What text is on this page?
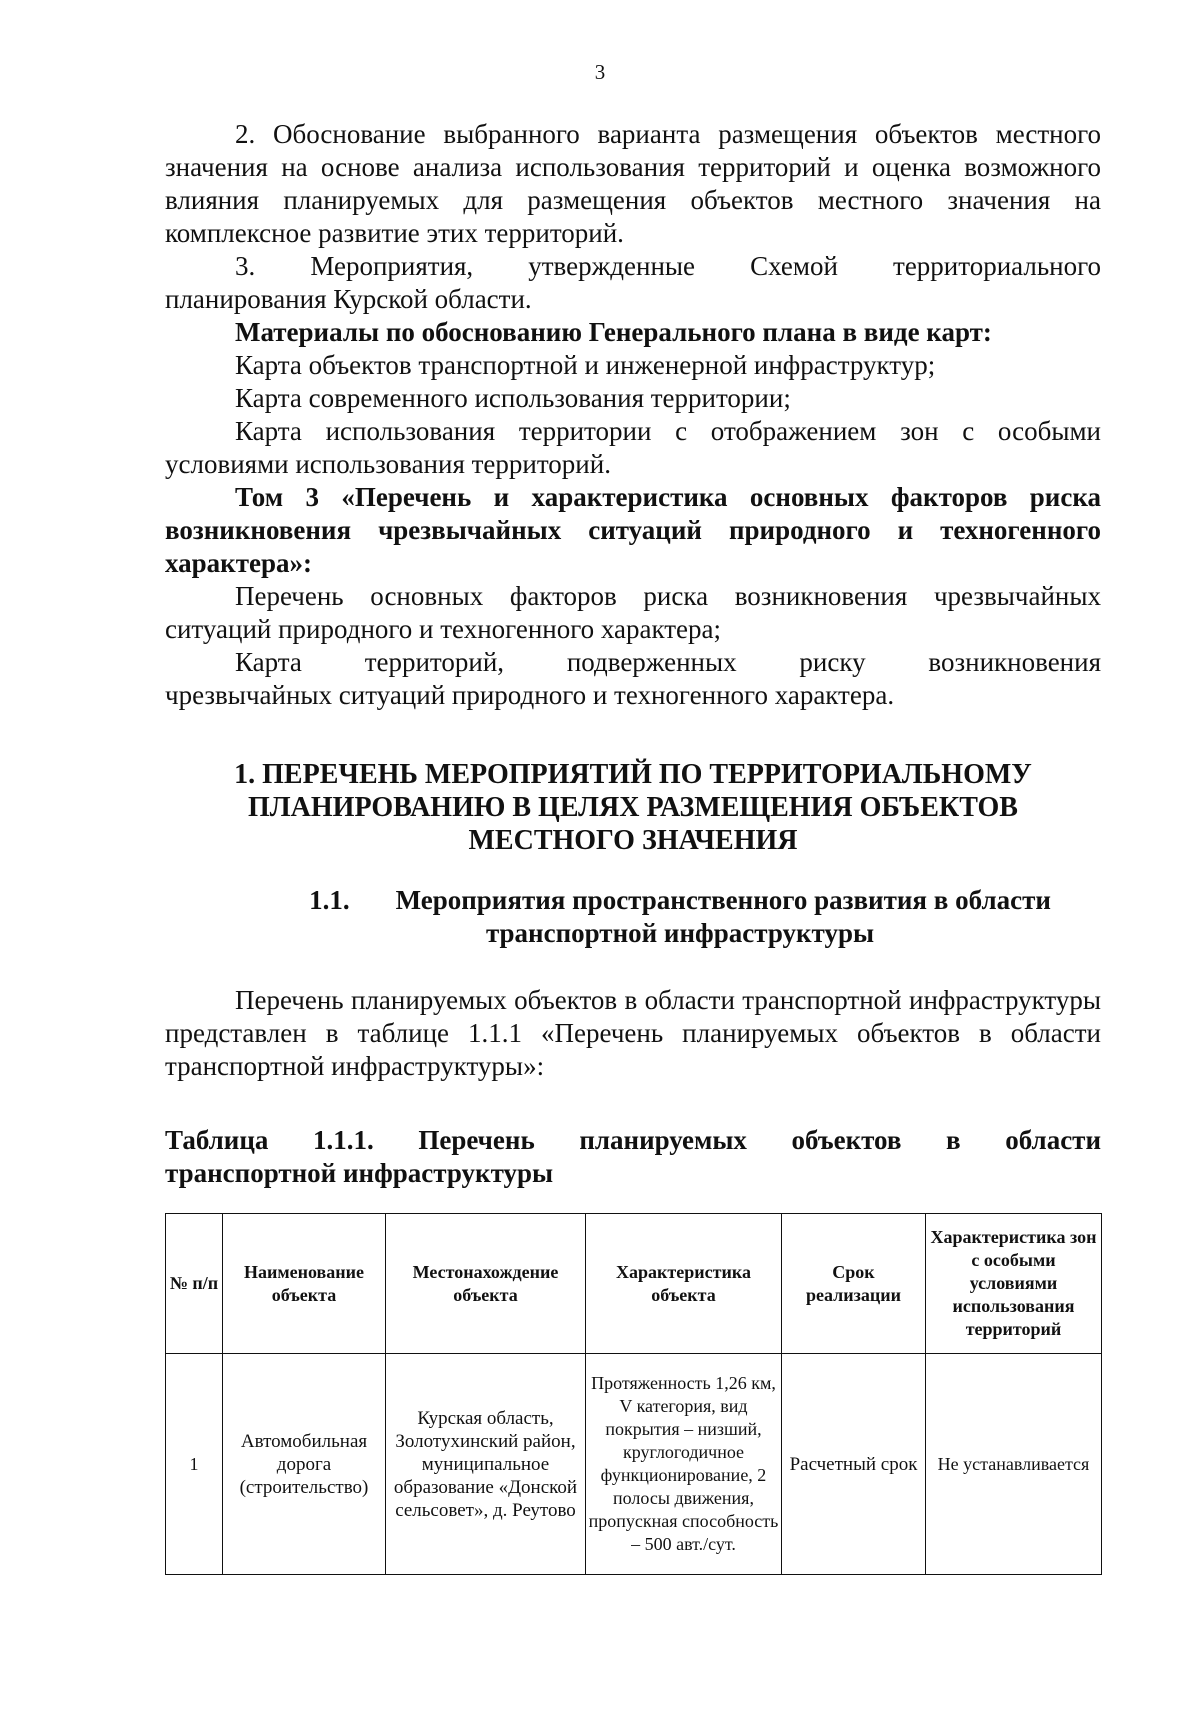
3

2. Обоснование выбранного варианта размещения объектов местного

значения на основе анализа использования территорий и оценка возможного влияния планируемых для размещения объектов местного значения на комплексное развитие этих территорий.

3. Мероприятия, утвержденные Схемой территориального

планирования Курской области.

Материалы по обоснованию Генерального плана в виде карт:

Карта объектов транспортной и инженерной инфраструктур;

Карта современного использования территории;

Карта использования территории с отображением зон с особыми условиями использования территорий.

Том 3 «Перечень и характеристика основных факторов риска возникновения чрезвычайных ситуаций природного и техногенного характера»:

Перечень основных факторов риска возникновения чрезвычайных ситуаций природного и техногенного характера;

Карта территорий, подверженных риску возникновения

чрезвычайных ситуаций природного и техногенного характера.

1. ПЕРЕЧЕНЬ МЕРОПРИЯТИЙ ПО ТЕРРИТОРИАЛЬНОМУ
ПЛАНИРОВАНИЮ В ЦЕЛЯХ РАЗМЕЩЕНИЯ ОБЪЕКТОВ
МЕСТНОГО ЗНАЧЕНИЯ
1.1. Мероприятия пространственного развития в области
транспортной инфраструктуры

Перечень планируемых объектов в области транспортной инфраструктуры представлен в таблице 1.1.1 «Перечень планируемых объектов в области транспортной инфраструктуры»:

Таблица 1.1.1. Перечень планируемых объектов в области

транспортной инфраструктуры

№ п/п	Наименование объекта	Местонахождение объекта	Характеристика объекта	Срок реализации	Характеристика зон с особыми условиями использования территорий
1	Автомобильная дорога (строительство)	Курская область, Золотухинский район, муниципальное образование «Донской сельсовет», д. Реутово	Протяженность 1,26 км, V категория, вид покрытия – низший, круглогодичное функционирование, 2 полосы движения, пропускная способность – 500 авт./сут.	Расчетный срок	Не устанавливается
